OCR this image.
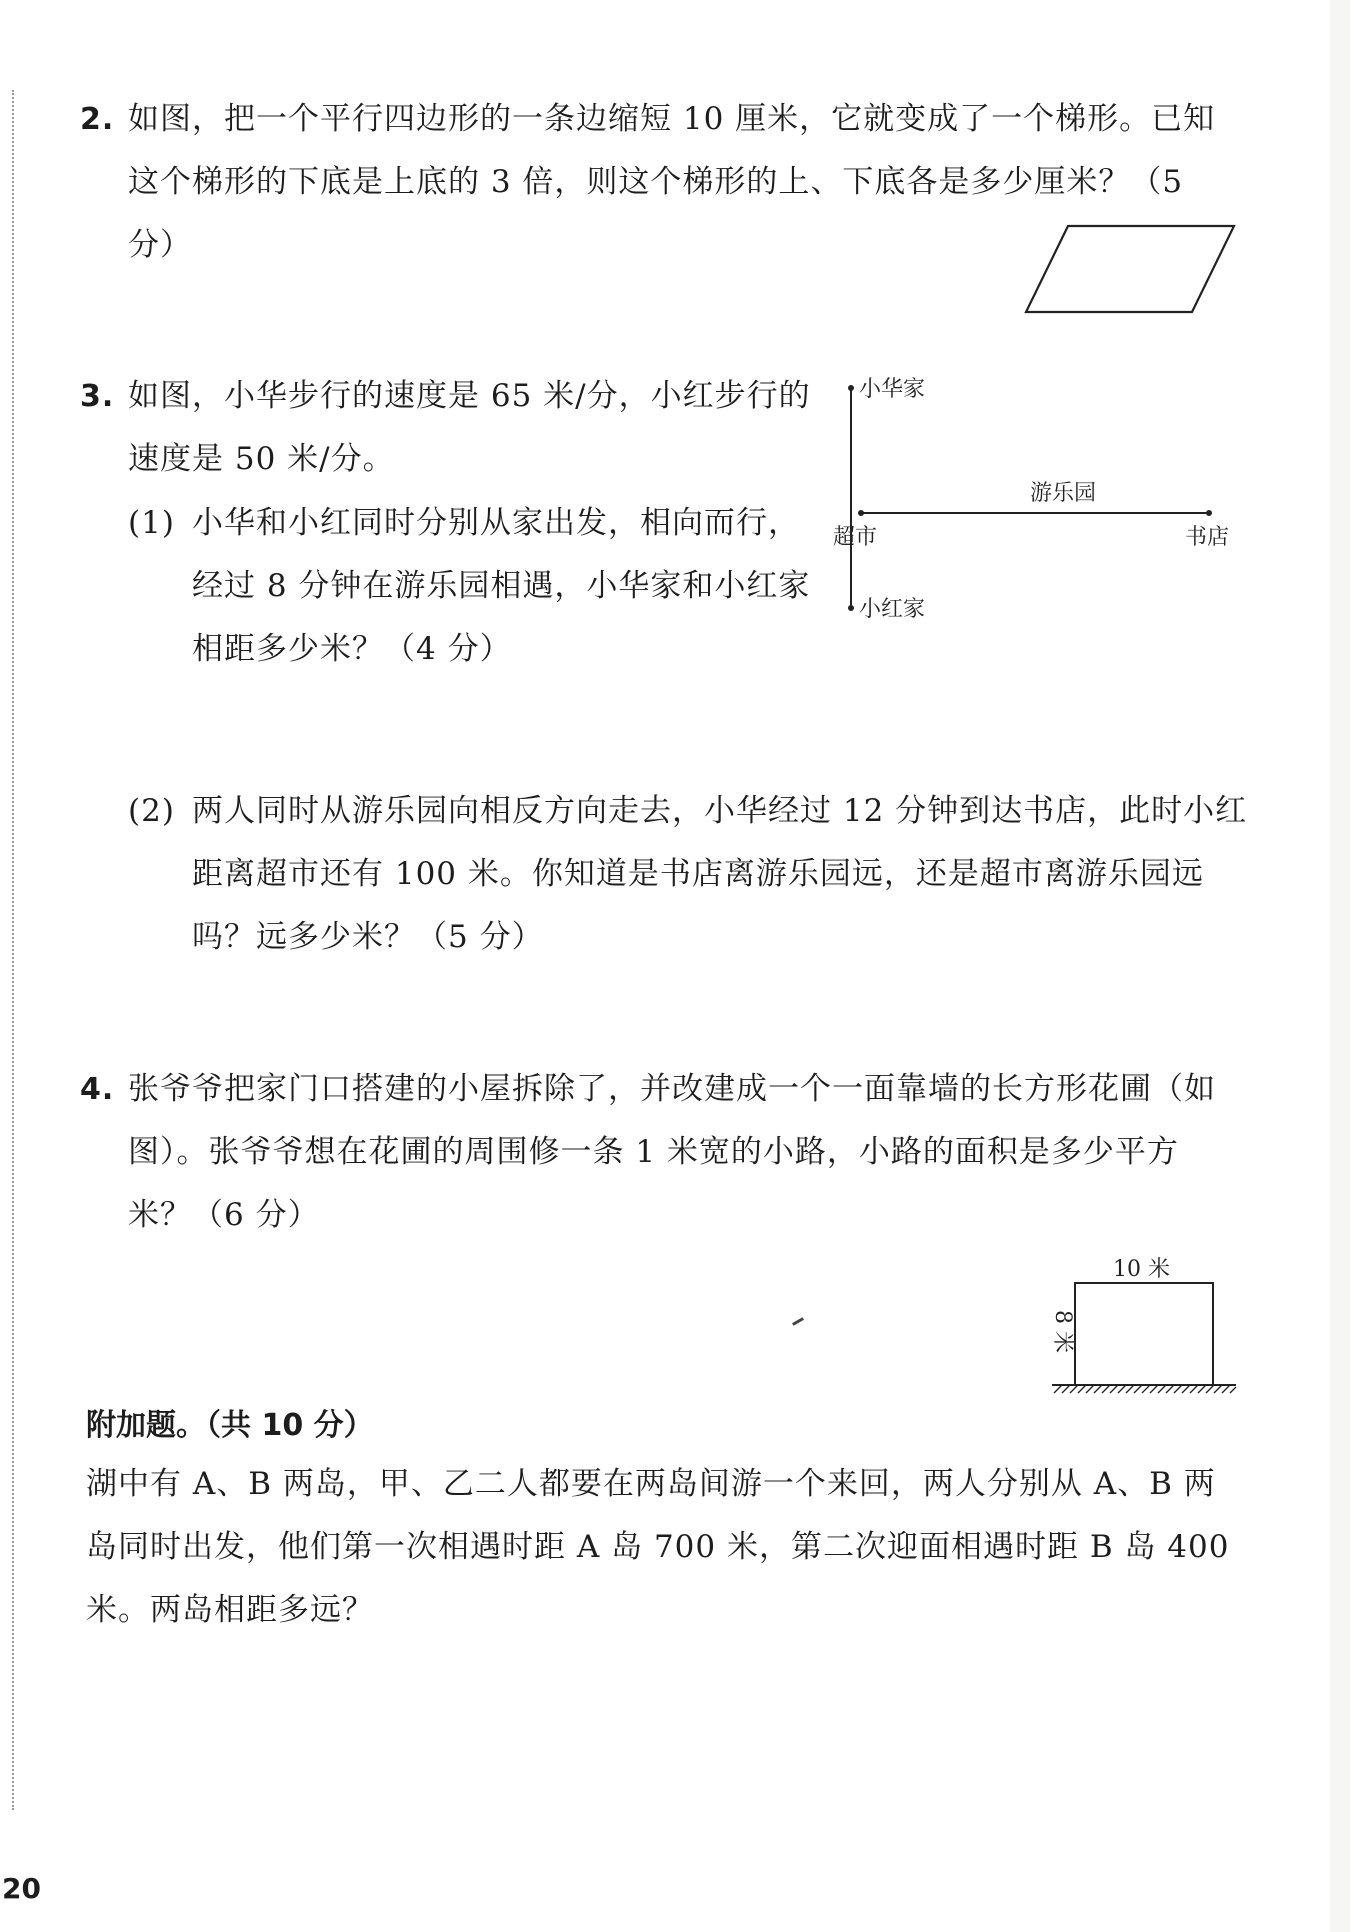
2. 如图，把一个平行四边形的一条边缩短 10 厘米，它就变成了一个梯形。已知这个梯形的下底是上底的 3 倍，则这个梯形的上、下底各是多少厘米？（5 分）
3. 如图，小华步行的速度是 65 米/分，小红步行的速度是 50 米/分。
(1) 小华和小红同时分别从家出发，相向而行，经过 8 分钟在游乐园相遇，小华家和小红家相距多少米？（4 分）
小华家
小红家
游乐园
超市	书店
(2) 两人同时从游乐园向相反方向走去，小华经过 12 分钟到达书店，此时小红距离超市还有 100 米。你知道是书店离游乐园远，还是超市离游乐园远吗？远多少米？（5 分）
4. 张爷爷把家门口搭建的小屋拆除了，并改建成一个一面靠墙的长方形花圃（如图）。张爷爷想在花圃的周围修一条 1 米宽的小路，小路的面积是多少平方米？（6 分）
10 米
8 米
附加题。（共 10 分）
湖中有 A、B 两岛，甲、乙二人都要在两岛间游一个来回，两人分别从 A、B 两岛同时出发，他们第一次相遇时距 A 岛 700 米，第二次迎面相遇时距 B 岛 400 米。两岛相距多远？
20
